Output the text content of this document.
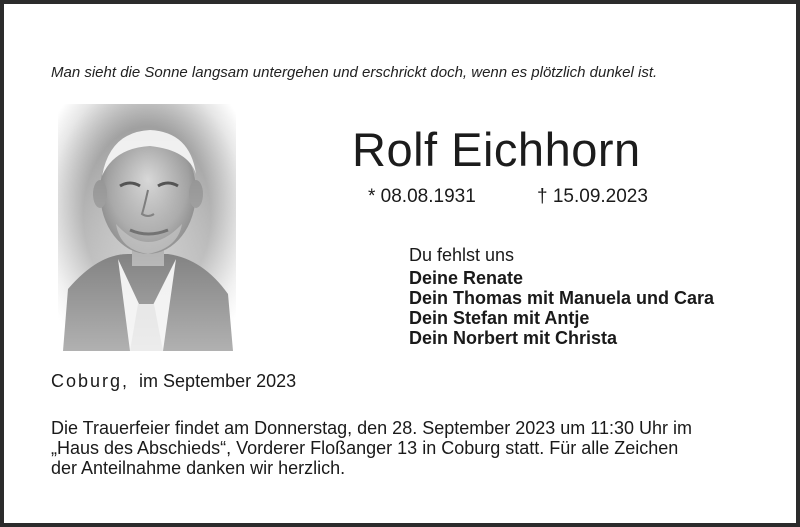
Man sieht die Sonne langsam untergehen und erschrickt doch, wenn es plötzlich dunkel ist.
Rolf Eichhorn
* 08.08.1931	† 15.09.2023
Du fehlst uns
Deine Renate
Dein Thomas mit Manuela und Cara
Dein Stefan mit Antje
Dein Norbert mit Christa
Coburg, im September 2023

Die Trauerfeier findet am Donnerstag, den 28. September 2023 um 11:30 Uhr im
„Haus des Abschieds“, Vorderer Floßanger 13 in Coburg statt. Für alle Zeichen
der Anteilnahme danken wir herzlich.
